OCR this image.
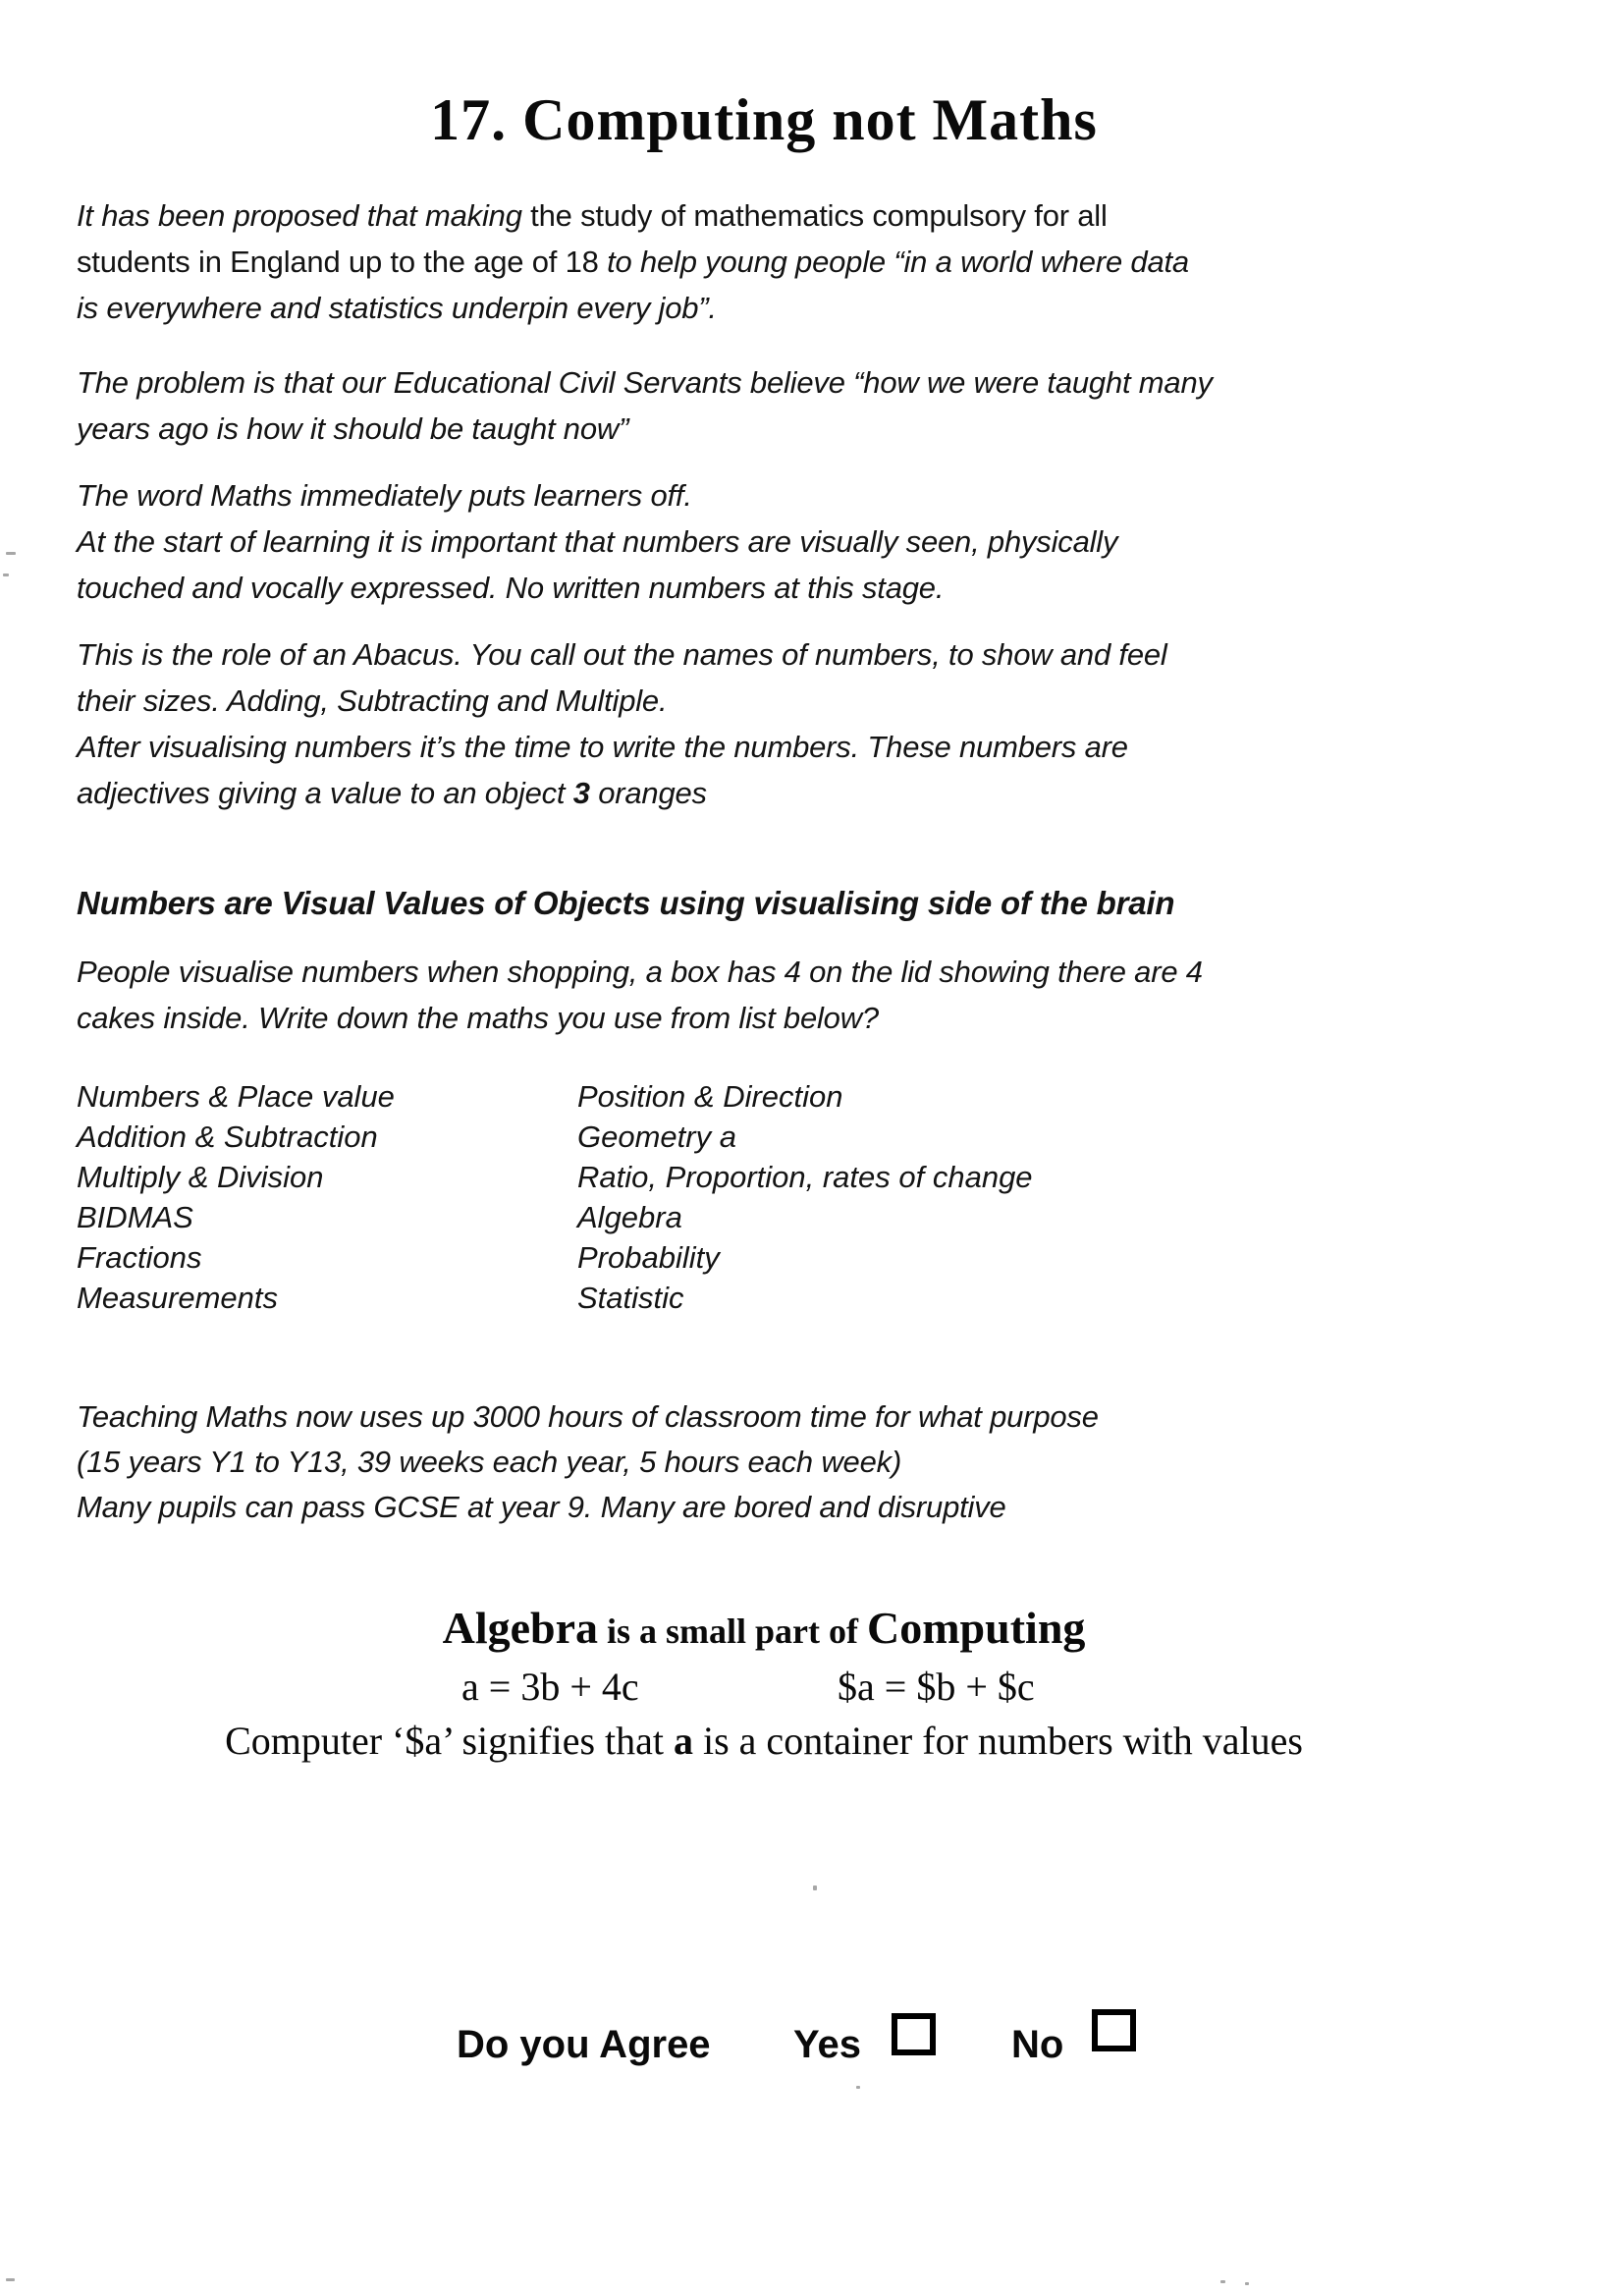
17. Computing not Maths
It has been proposed that making the study of mathematics compulsory for all
students in England up to the age of 18 to help young people “in a world where data
is everywhere and statistics underpin every job”.
The problem is that our Educational Civil Servants believe “how we were taught many
years ago is how it should be taught now”
The word Maths immediately puts learners off.
At the start of learning it is important that numbers are visually seen, physically
touched and vocally expressed. No written numbers at this stage.
This is the role of an Abacus. You call out the names of numbers, to show and feel
their sizes. Adding, Subtracting and Multiple.
After visualising numbers it’s the time to write the numbers. These numbers are
adjectives giving a value to an object 3 oranges
Numbers are Visual Values of Objects using visualising side of the brain
People visualise numbers when shopping, a box has 4 on the lid showing there are 4
cakes inside. Write down the maths you use from list below?
Numbers & Place value
Addition & Subtraction
Multiply & Division
BIDMAS
Fractions
Measurements
Position & Direction
Geometry a
Ratio, Proportion, rates of change
Algebra
Probability
Statistic
Teaching Maths now uses up 3000 hours of classroom time for what purpose
(15 years Y1 to Y13, 39 weeks each year, 5 hours each week)
Many pupils can pass GCSE at year 9. Many are bored and disruptive
Algebra is a small part of Computing
a = 3b + 4c	$a = $b + $c
Computer ‘$a’ signifies that a is a container for numbers with values
Do you Agree Yes	No
